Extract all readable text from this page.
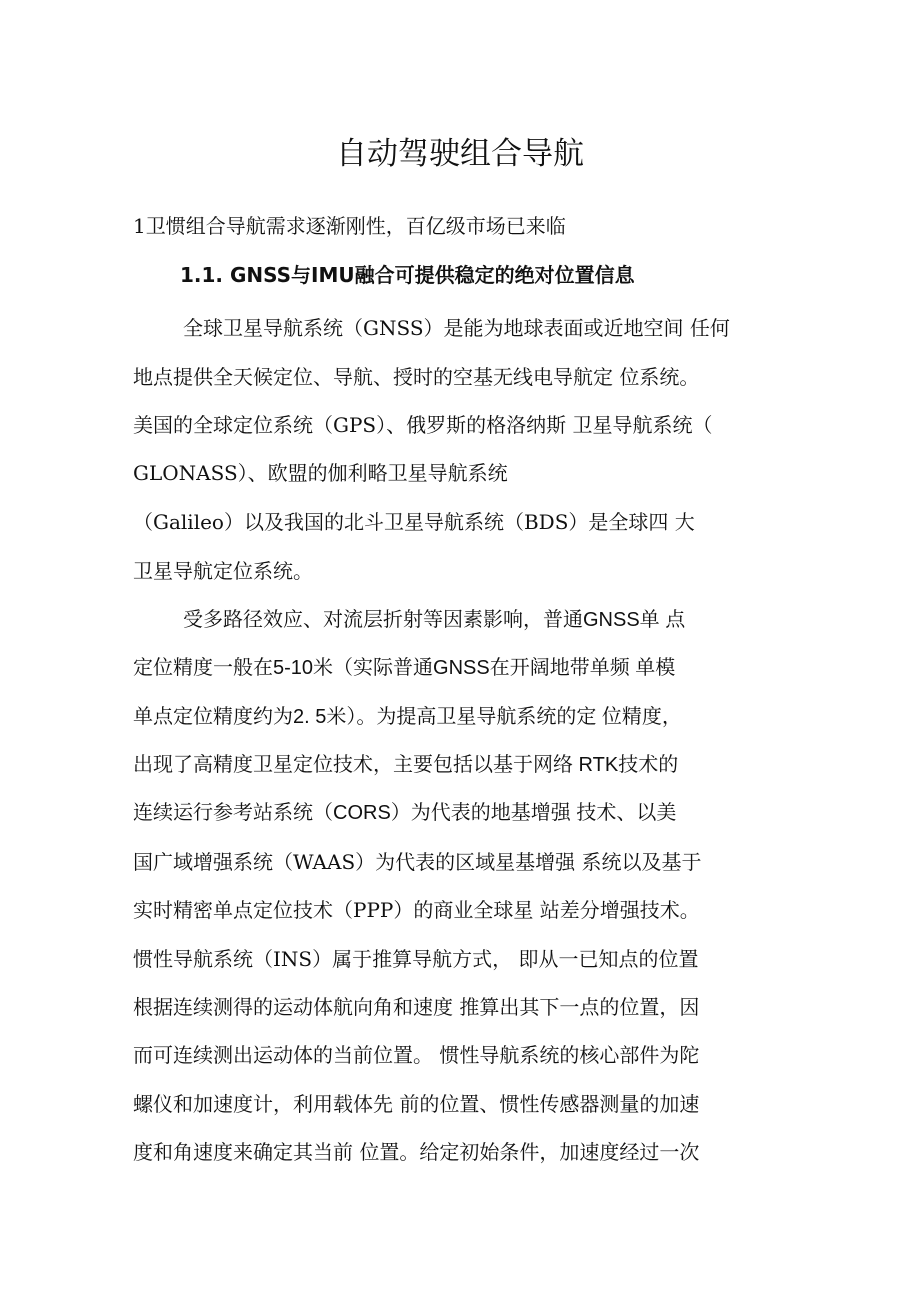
自动驾驶组合导航

1卫惯组合导航需求逐渐刚性，百亿级市场已来临

1.1. GNSS与IMU融合可提供稳定的绝对位置信息

全球卫星导航系统（GNSS）是能为地球表面或近地空间 任何

地点提供全天候定位、导航、授时的空基无线电导航定 位系统。

美国的全球定位系统（GPS）、俄罗斯的格洛纳斯 卫星导航系统（

GLONASS）、欧盟的伽利略卫星导航系统

（Galileo）以及我国的北斗卫星导航系统（BDS）是全球四 大

卫星导航定位系统。

受多路径效应、对流层折射等因素影响，普通GNSS单 点

定位精度一般在5-10米（实际普通GNSS在开阔地带单频 单模

单点定位精度约为2. 5米）。为提高卫星导航系统的定 位精度，

出现了高精度卫星定位技术，主要包括以基于网络 RTK技术的

连续运行参考站系统（CORS）为代表的地基增强 技术、以美

国广域增强系统（WAAS）为代表的区域星基增强 系统以及基于

实时精密单点定位技术（PPP）的商业全球星 站差分增强技术。

惯性导航系统（INS）属于推算导航方式， 即从一已知点的位置

根据连续测得的运动体航向角和速度 推算出其下一点的位置，因

而可连续测出运动体的当前位置。 惯性导航系统的核心部件为陀

螺仪和加速度计，利用载体先 前的位置、惯性传感器测量的加速

度和角速度来确定其当前 位置。给定初始条件，加速度经过一次
